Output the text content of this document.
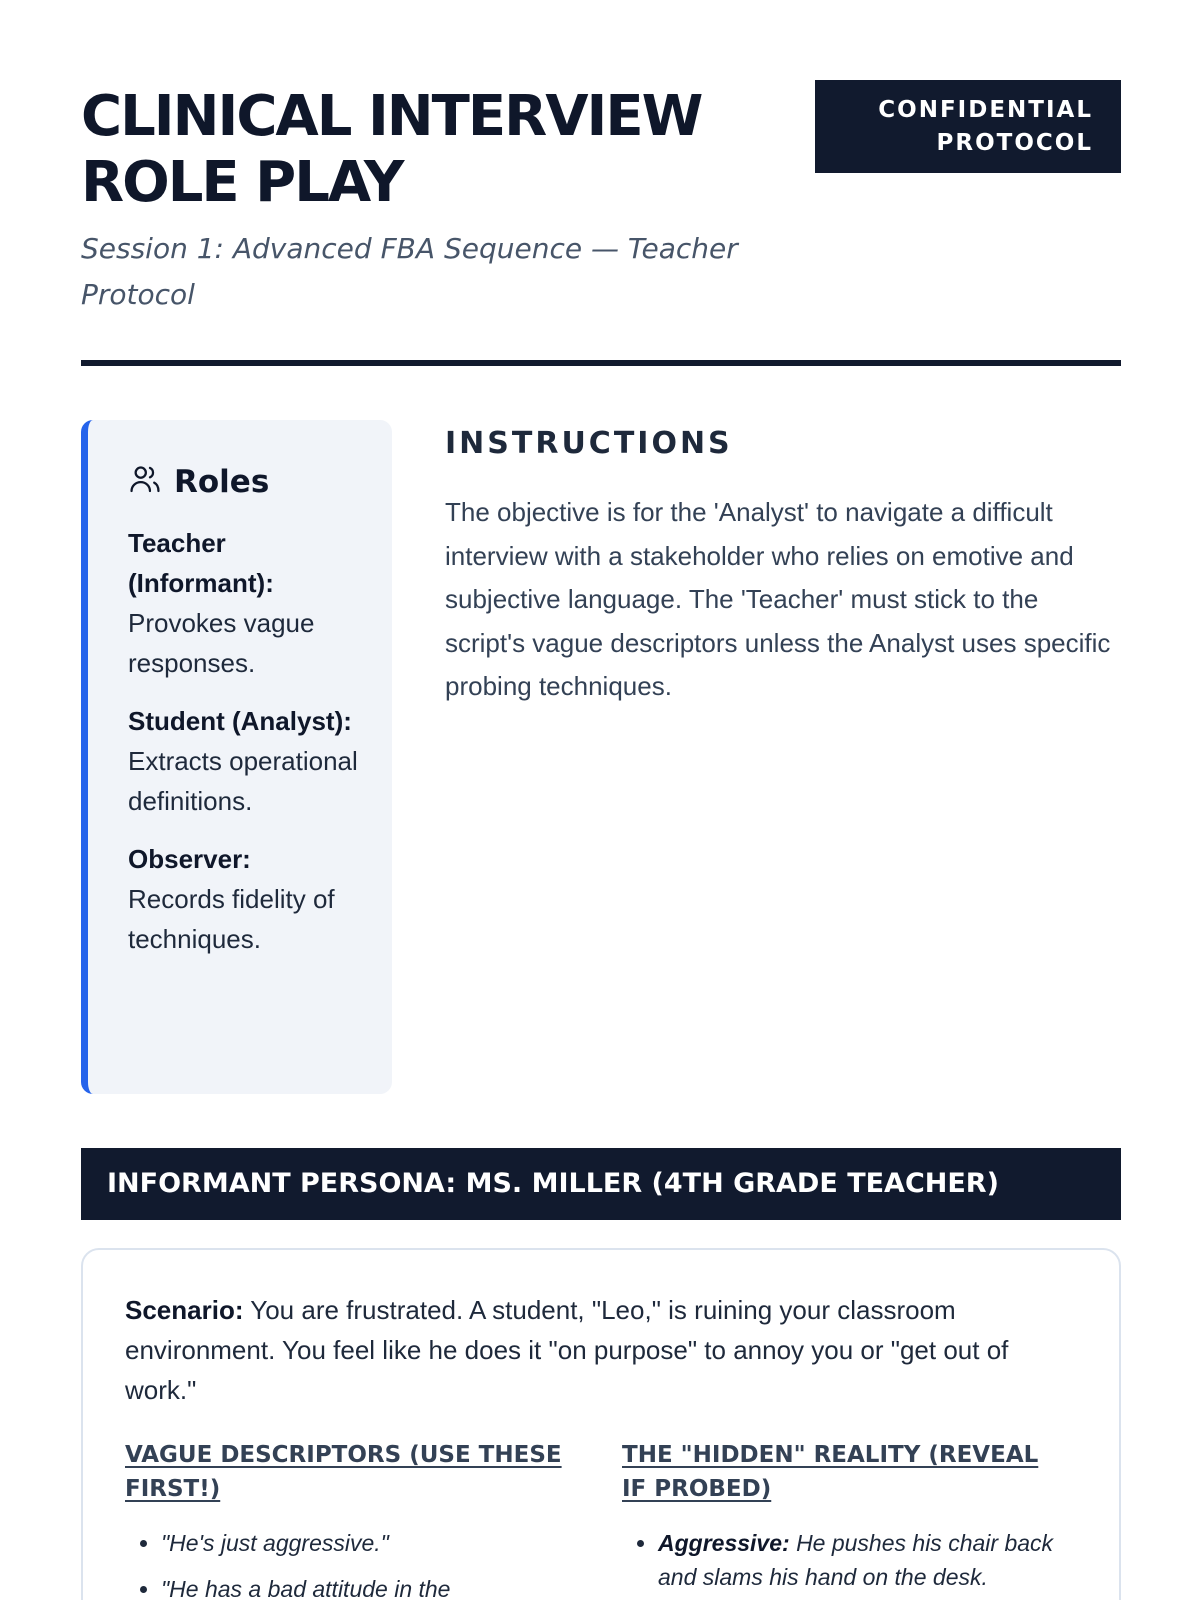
CLINICAL INTERVIEW ROLE PLAY

Session 1: Advanced FBA Sequence — Teacher Protocol

CONFIDENTIAL PROTOCOL
Roles
Teacher (Informant):
Provokes vague responses.
Student (Analyst):
Extracts operational definitions.
Observer:
Records fidelity of techniques.
INSTRUCTIONS

The objective is for the 'Analyst' to navigate a difficult interview with a stakeholder who relies on emotive and subjective language. The 'Teacher' must stick to the script's vague descriptors unless the Analyst uses specific probing techniques.

INFORMANT PERSONA: MS. MILLER (4TH GRADE TEACHER)

Scenario: You are frustrated. A student, "Leo," is ruining your classroom environment. You feel like he does it "on purpose" to annoy you or "get out of work."

VAGUE DESCRIPTORS (USE THESE FIRST!)
• "He's just aggressive."
• "He has a bad attitude in the
THE "HIDDEN" REALITY (REVEAL IF PROBED)
• Aggressive: He pushes his chair back and slams his hand on the desk.
